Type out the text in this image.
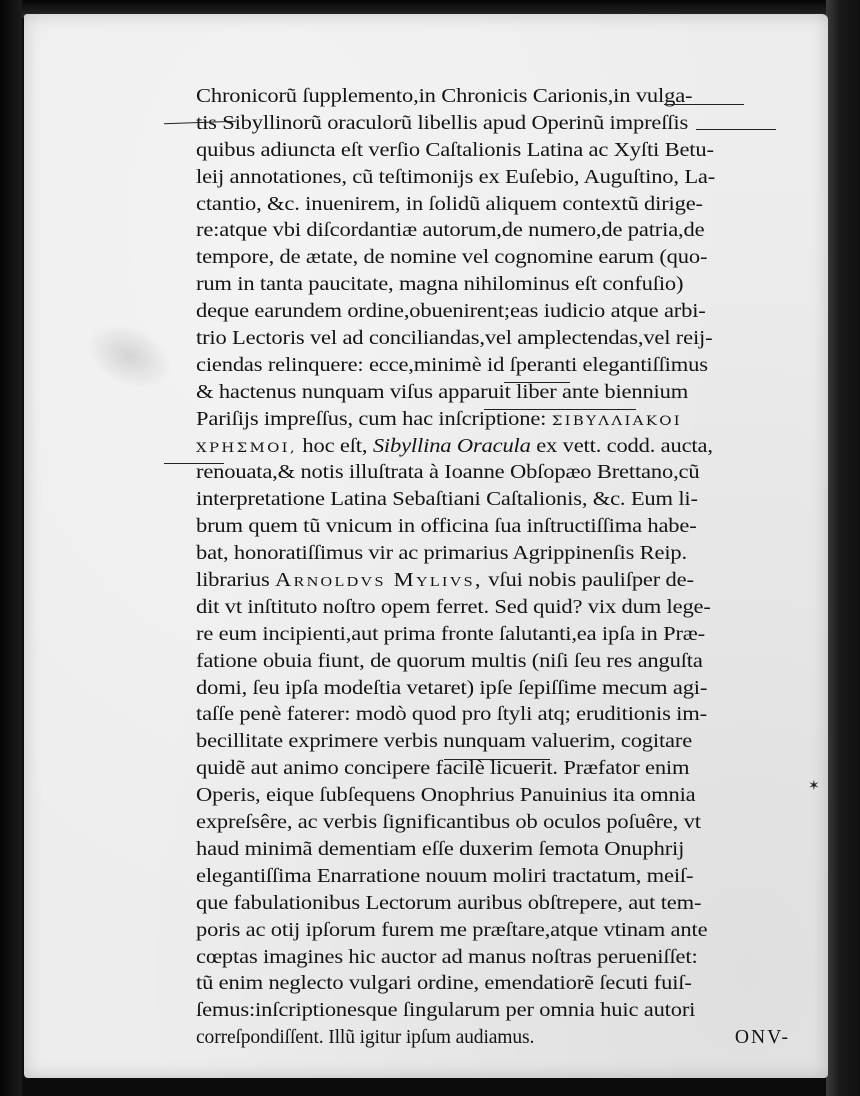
Chronicorũ ſupplemento,in Chronicis Carionis,in vulga-
tis Sibyllinorũ oraculorũ libellis apud Operinũ impreſſis
quibus adiuncta eſt verſio Caſtalionis Latina ac Xyſti Betu-
leij annotationes, cũ teſtimonijs ex Euſebio, Auguſtino, La-
ctantio, &c. inuenirem, in ſolidũ aliquem contextũ dirige-
re:atque vbi diſcordantiæ autorum,de numero,de patria,de
tempore, de ætate, de nomine vel cognomine earum (quo-
rum in tanta paucitate, magna nihilominus eſt confuſio)
deque earundem ordine,obuenirent;eas iudicio atque arbi-
trio Lectoris vel ad conciliandas,vel amplectendas,vel reij-
ciendas relinquere: ecce,minimè id ſperanti elegantiſſimus
& hactenus nunquam viſus apparuit liber ante biennium
Pariſijs impreſſus, cum hac inſcriptione: ΣΙΒΥΛΛΙΑΚΟΙ
ΧΡΗΣΜΟΙ, hoc eſt, Sibyllina Oracula ex vett. codd. aucta,
renouata,& notis illuſtrata à Ioanne Obſopæo Brettano,cũ
interpretatione Latina Sebaſtiani Caſtalionis, &c. Eum li-
brum quem tũ vnicum in officina ſua inſtructiſſima habe-
bat, honoratiſſimus vir ac primarius Agrippinenſis Reip.
librarius Arnoldvs Mylivs, vſui nobis pauliſper de-
dit vt inſtituto noſtro opem ferret. Sed quid? vix dum lege-
re eum incipienti,aut prima fronte ſalutanti,ea ipſa in Præ-
fatione obuia fiunt, de quorum multis (niſi ſeu res anguſta
domi, ſeu ipſa modeſtia vetaret) ipſe ſepiſſime mecum agi-
taſſe penè faterer: modò quod pro ſtyli atq; eruditionis im-
becillitate exprimere verbis nunquam valuerim, cogitare
quidẽ aut animo concipere facilè licuerit. Præfator enim
Operis, eique ſubſequens Onophrius Panuinius ita omnia
expreſsêre, ac verbis ſignificantibus ob oculos poſuêre, vt
haud minimã dementiam eſſe duxerim ſemota Onuphrij
elegantiſſima Enarratione nouum moliri tractatum, meiſ-
que fabulationibus Lectorum auribus obſtrepere, aut tem-
poris ac otij ipſorum furem me præſtare,atque vtinam ante
cœptas imagines hic auctor ad manus noſtras perueniſſet:
tũ enim neglecto vulgari ordine, emendatiorẽ ſecuti fuiſ-
ſemus:inſcriptionesque ſingularum per omnia huic autori
correſpondiſſent. Illũ igitur ipſum audiamus.	ONV-
✶
